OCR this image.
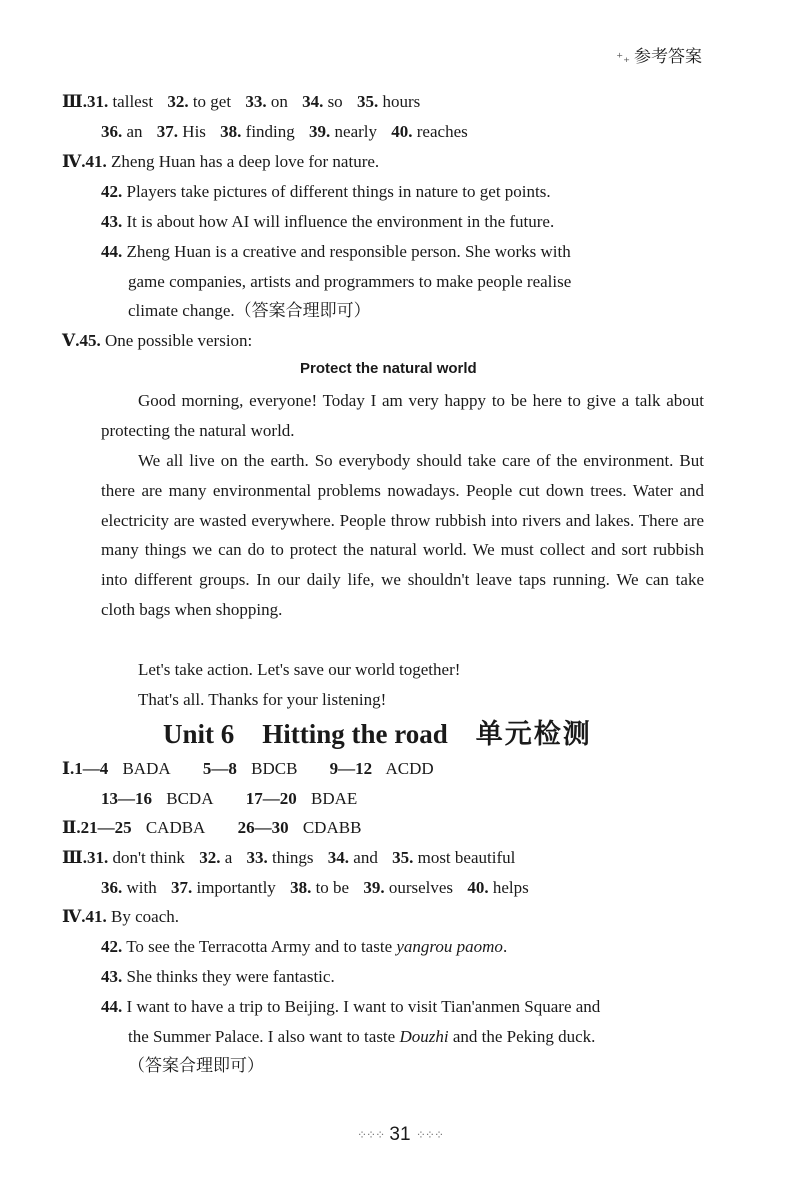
⁺₊ 参考答案
Ⅲ.31. tallest 32. to get 33. on 34. so 35. hours
36. an 37. His 38. finding 39. nearly 40. reaches
Ⅳ.41. Zheng Huan has a deep love for nature.
42. Players take pictures of different things in nature to get points.
43. It is about how AI will influence the environment in the future.
44. Zheng Huan is a creative and responsible person. She works with
game companies, artists and programmers to make people realise
climate change.（答案合理即可）
Ⅴ.45. One possible version:
Protect the natural world
Good morning, everyone! Today I am very happy to be here to give a talk about protecting the natural world.
We all live on the earth. So everybody should take care of the environment. But there are many environmental problems nowadays. People cut down trees. Water and electricity are wasted everywhere. People throw rubbish into rivers and lakes. There are many things we can do to protect the natural world. We must collect and sort rubbish into different groups. In our daily life, we shouldn't leave taps running. We can take cloth bags when shopping.
Let's take action. Let's save our world together!
That's all. Thanks for your listening!
Unit 6 Hitting the road 单元检测
Ⅰ.1—4 BADA 5—8 BDCB 9—12 ACDD
13—16 BCDA 17—20 BDAE
Ⅱ.21—25 CADBA 26—30 CDABB
Ⅲ.31. don't think 32. a 33. things 34. and 35. most beautiful
36. with 37. importantly 38. to be 39. ourselves 40. helps
Ⅳ.41. By coach.
42. To see the Terracotta Army and to taste yangrou paomo.
43. She thinks they were fantastic.
44. I want to have a trip to Beijing. I want to visit Tian'anmen Square and
the Summer Palace. I also want to taste Douzhi and the Peking duck.
（答案合理即可）
⁘⁘⁘ 31 ⁘⁘⁘
